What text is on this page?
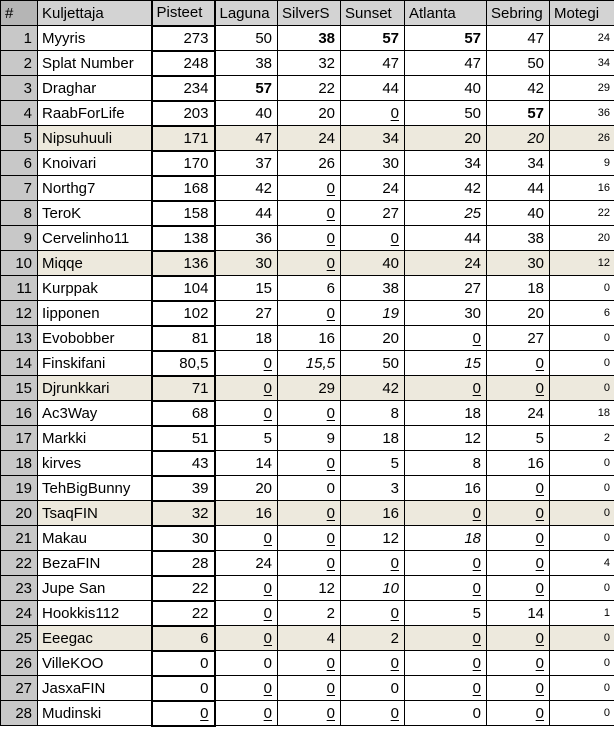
#	Kuljettaja	Pisteet	Laguna	SilverS	Sunset	Atlanta	Sebring	Motegi
1	Myyris	273	50	38	57	57	47	24
2	Splat Number	248	38	32	47	47	50	34
3	Draghar	234	57	22	44	40	42	29
4	RaabForLife	203	40	20	0	50	57	36
5	Nipsuhuuli	171	47	24	34	20	20	26
6	Knoivari	170	37	26	30	34	34	9
7	Northg7	168	42	0	24	42	44	16
8	TeroK	158	44	0	27	25	40	22
9	Cervelinho11	138	36	0	0	44	38	20
10	Miqqe	136	30	0	40	24	30	12
11	Kurppak	104	15	6	38	27	18	0
12	Iipponen	102	27	0	19	30	20	6
13	Evobobber	81	18	16	20	0	27	0
14	Finskifani	80,5	0	15,5	50	15	0	0
15	Djrunkkari	71	0	29	42	0	0	0
16	Ac3Way	68	0	0	8	18	24	18
17	Markki	51	5	9	18	12	5	2
18	kirves	43	14	0	5	8	16	0
19	TehBigBunny	39	20	0	3	16	0	0
20	TsaqFIN	32	16	0	16	0	0	0
21	Makau	30	0	0	12	18	0	0
22	BezaFIN	28	24	0	0	0	0	4
23	Jupe San	22	0	12	10	0	0	0
24	Hookkis112	22	0	2	0	5	14	1
25	Eeegac	6	0	4	2	0	0	0
26	VilleKOO	0	0	0	0	0	0	0
27	JasxaFIN	0	0	0	0	0	0	0
28	Mudinski	0	0	0	0	0	0	0
